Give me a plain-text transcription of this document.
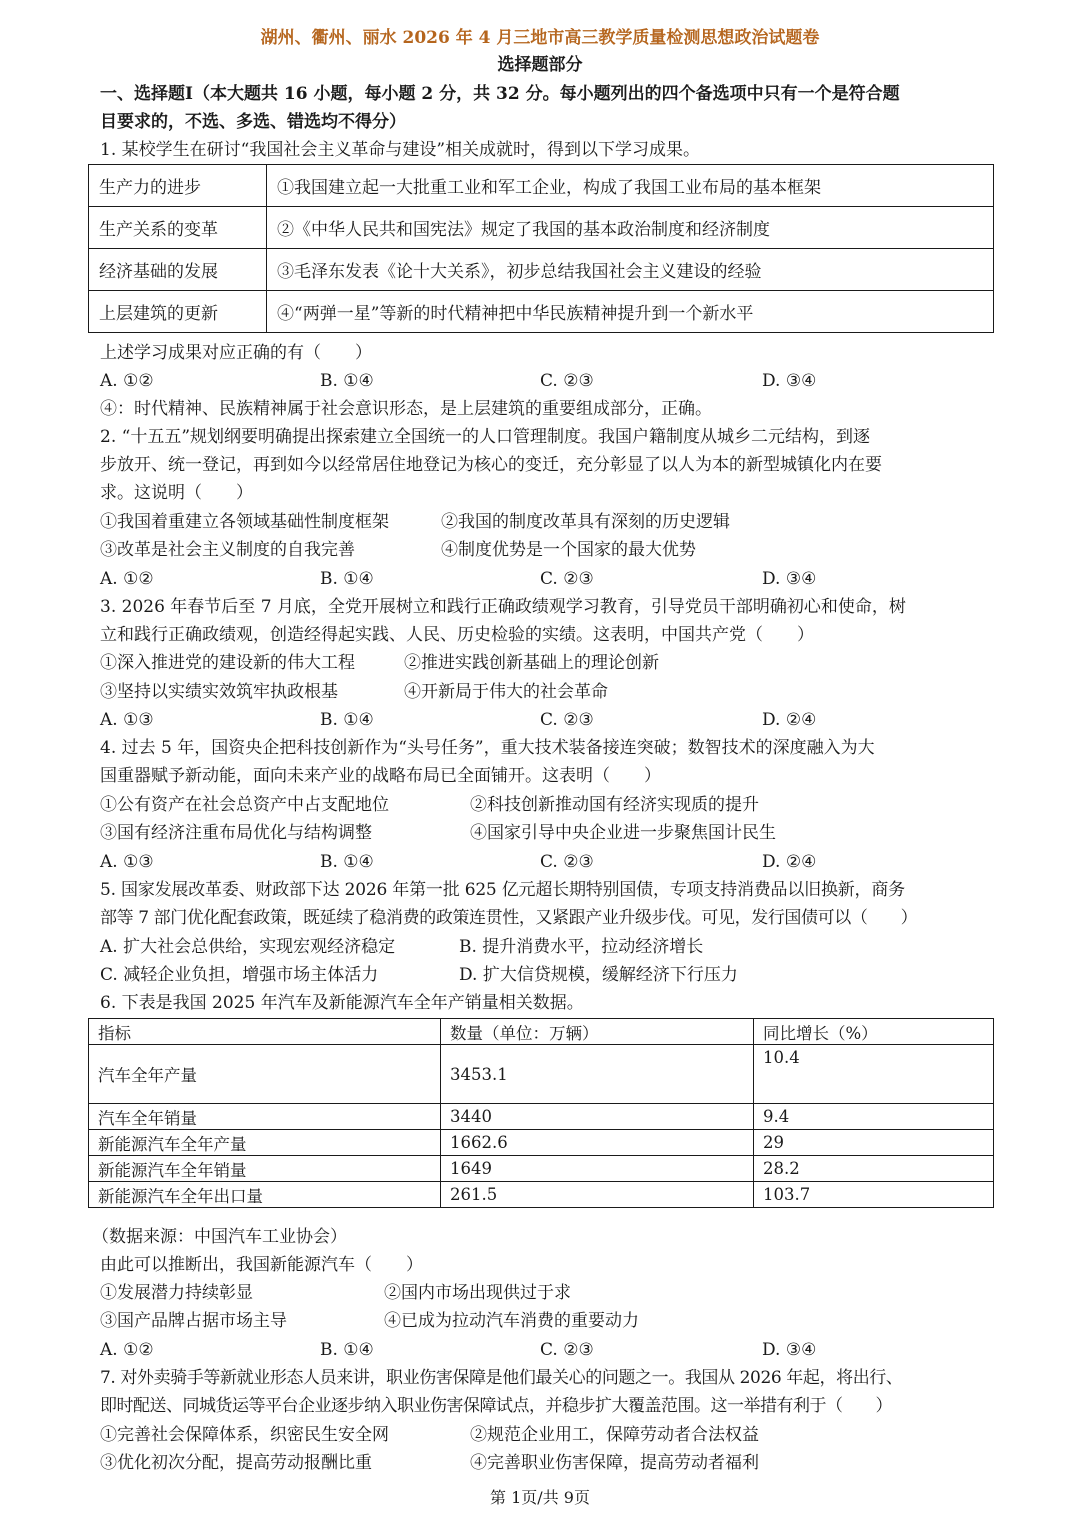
湖州、衢州、丽水 2026 年 4 月三地市高三教学质量检测思想政治试题卷
选择题部分
一、选择题Ⅰ（本大题共 16 小题，每小题 2 分，共 32 分。每小题列出的四个备选项中只有一个是符合题
目要求的，不选、多选、错选均不得分）
1. 某校学生在研讨“我国社会主义革命与建设”相关成就时，得到以下学习成果。
生产力的进步	①我国建立起一大批重工业和军工企业，构成了我国工业布局的基本框架
生产关系的变革	②《中华人民共和国宪法》规定了我国的基本政治制度和经济制度
经济基础的发展	③毛泽东发表《论十大关系》，初步总结我国社会主义建设的经验
上层建筑的更新	④“两弹一星”等新的时代精神把中华民族精神提升到一个新水平
上述学习成果对应正确的有（　　）
A. ①②	B. ①④	C. ②③	D. ③④
④：时代精神、民族精神属于社会意识形态，是上层建筑的重要组成部分，正确。
2. “十五五”规划纲要明确提出探索建立全国统一的人口管理制度。我国户籍制度从城乡二元结构，到逐
步放开、统一登记，再到如今以经常居住地登记为核心的变迁，充分彰显了以人为本的新型城镇化内在要
求。这说明（　　）
①我国着重建立各领域基础性制度框架	②我国的制度改革具有深刻的历史逻辑
③改革是社会主义制度的自我完善	④制度优势是一个国家的最大优势
A. ①②	B. ①④	C. ②③	D. ③④
3. 2026 年春节后至 7 月底，全党开展树立和践行正确政绩观学习教育，引导党员干部明确初心和使命，树
立和践行正确政绩观，创造经得起实践、人民、历史检验的实绩。这表明，中国共产党（　　）
①深入推进党的建设新的伟大工程	②推进实践创新基础上的理论创新
③坚持以实绩实效筑牢执政根基	④开新局于伟大的社会革命
A. ①③	B. ①④	C. ②③	D. ②④
4. 过去 5 年，国资央企把科技创新作为“头号任务”，重大技术装备接连突破；数智技术的深度融入为大
国重器赋予新动能，面向未来产业的战略布局已全面铺开。这表明（　　）
①公有资产在社会总资产中占支配地位	②科技创新推动国有经济实现质的提升
③国有经济注重布局优化与结构调整	④国家引导中央企业进一步聚焦国计民生
A. ①③	B. ①④	C. ②③	D. ②④
5. 国家发展改革委、财政部下达 2026 年第一批 625 亿元超长期特别国债，专项支持消费品以旧换新，商务
部等 7 部门优化配套政策，既延续了稳消费的政策连贯性，又紧跟产业升级步伐。可见，发行国债可以（　　）
A. 扩大社会总供给，实现宏观经济稳定	B. 提升消费水平，拉动经济增长
C. 减轻企业负担，增强市场主体活力	D. 扩大信贷规模，缓解经济下行压力
6. 下表是我国 2025 年汽车及新能源汽车全年产销量相关数据。
指标	数量（单位：万辆）	同比增长（%）
汽车全年产量	3453.1	10.4
汽车全年销量	3440	9.4
新能源汽车全年产量	1662.6	29
新能源汽车全年销量	1649	28.2
新能源汽车全年出口量	261.5	103.7
（数据来源：中国汽车工业协会）
由此可以推断出，我国新能源汽车（　　）
①发展潜力持续彰显	②国内市场出现供过于求
③国产品牌占据市场主导	④已成为拉动汽车消费的重要动力
A. ①②	B. ①④	C. ②③	D. ③④
7. 对外卖骑手等新就业形态人员来讲，职业伤害保障是他们最关心的问题之一。我国从 2026 年起，将出行、
即时配送、同城货运等平台企业逐步纳入职业伤害保障试点，并稳步扩大覆盖范围。这一举措有利于（　　）
①完善社会保障体系，织密民生安全网	②规范企业用工，保障劳动者合法权益
③优化初次分配，提高劳动报酬比重	④完善职业伤害保障，提高劳动者福利
第 1页/共 9页
